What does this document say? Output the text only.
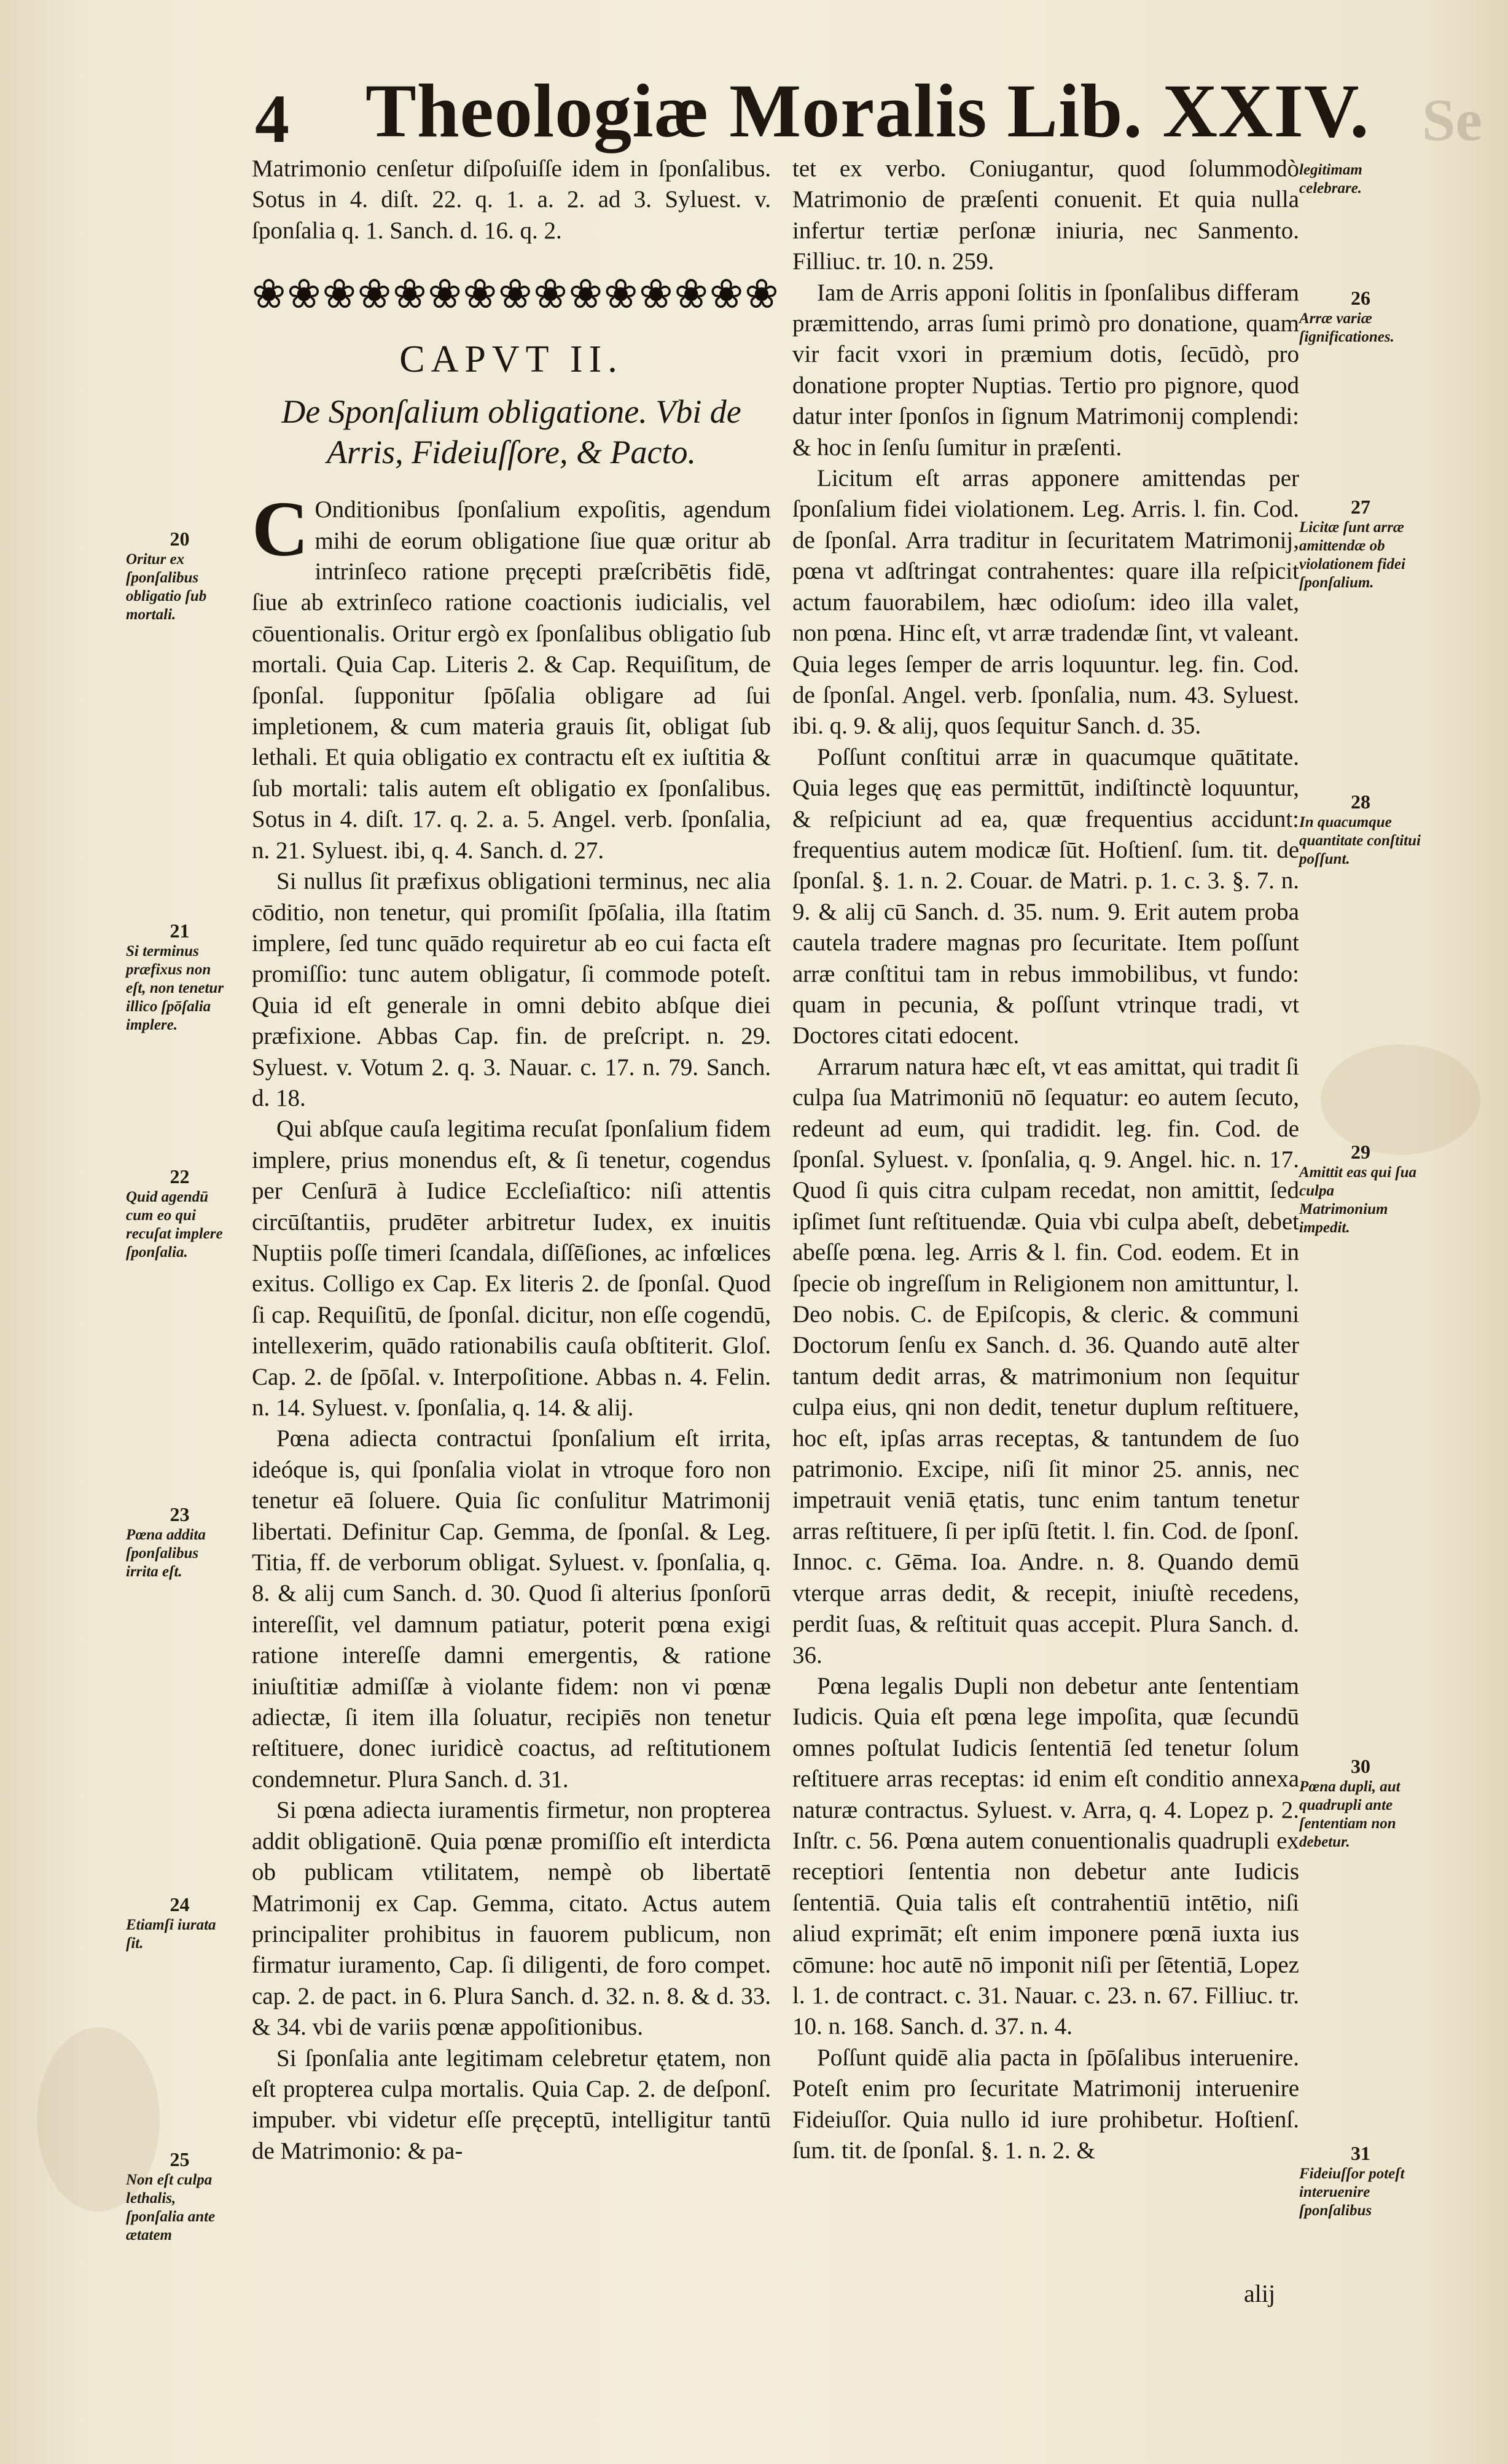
4 Theologiæ Moralis Lib. XXIV. Se

Matrimonio cenſetur diſpoſuiſſe idem in ſponſalibus. Sotus in 4. diſt. 22. q. 1. a. 2. ad 3. Syluest. v. ſponſalia q. 1. Sanch. d. 16. q. 2.

❀❀❀❀❀❀❀❀❀❀❀❀❀❀❀
CAPVT II.
De Sponſalium obligatione. Vbi de Arris, Fideiuſſore, & Pacto.

C Onditionibus ſponſalium expoſitis, agendum mihi de eorum obligatione ſiue quæ oritur ab intrinſeco ratione pręcepti præſcribētis fidē, ſiue ab extrinſeco ratione coactionis iudicialis, vel cōuentionalis. Oritur ergò ex ſponſalibus obligatio ſub mortali. Quia Cap. Literis 2. & Cap. Requiſitum, de ſponſal. ſupponitur ſpōſalia obligare ad ſui impletionem, & cum materia grauis ſit, obligat ſub lethali. Et quia obligatio ex contractu eſt ex iuſtitia & ſub mortali: talis autem eſt obligatio ex ſponſalibus. Sotus in 4. diſt. 17. q. 2. a. 5. Angel. verb. ſponſalia, n. 21. Syluest. ibi, q. 4. Sanch. d. 27.

Si nullus ſit præfixus obligationi terminus, nec alia cōditio, non tenetur, qui promiſit ſpōſalia, illa ſtatim implere, ſed tunc quādo requiretur ab eo cui facta eſt promiſſio: tunc autem obligatur, ſi commode poteſt. Quia id eſt generale in omni debito abſque diei præfixione. Abbas Cap. fin. de preſcript. n. 29. Syluest. v. Votum 2. q. 3. Nauar. c. 17. n. 79. Sanch. d. 18.

Qui abſque cauſa legitima recuſat ſponſalium fidem implere, prius monendus eſt, & ſi tenetur, cogendus per Cenſurā à Iudice Eccleſiaſtico: niſi attentis circūſtantiis, prudēter arbitretur Iudex, ex inuitis Nuptiis poſſe timeri ſcandala, diſſēſiones, ac infœlices exitus. Colligo ex Cap. Ex literis 2. de ſponſal. Quod ſi cap. Requiſitū, de ſponſal. dicitur, non eſſe cogendū, intellexerim, quādo rationabilis cauſa obſtiterit. Gloſ. Cap. 2. de ſpōſal. v. Interpoſitione. Abbas n. 4. Felin. n. 14. Syluest. v. ſponſalia, q. 14. & alij.

Pœna adiecta contractui ſponſalium eſt irrita, ideóque is, qui ſponſalia violat in vtroque foro non tenetur eā ſoluere. Quia ſic conſulitur Matrimonij libertati. Definitur Cap. Gemma, de ſponſal. & Leg. Titia, ff. de verborum obligat. Syluest. v. ſponſalia, q. 8. & alij cum Sanch. d. 30. Quod ſi alterius ſponſorū intereſſit, vel damnum patiatur, poterit pœna exigi ratione intereſſe damni emergentis, & ratione iniuſtitiæ admiſſæ à violante fidem: non vi pœnæ adiectæ, ſi item illa ſoluatur, recipiēs non tenetur reſtituere, donec iuridicè coactus, ad reſtitutionem condemnetur. Plura Sanch. d. 31.

Si pœna adiecta iuramentis firmetur, non propterea addit obligationē. Quia pœnæ promiſſio eſt interdicta ob publicam vtilitatem, nempè ob libertatē Matrimonij ex Cap. Gemma, citato. Actus autem principaliter prohibitus in fauorem publicum, non firmatur iuramento, Cap. ſi diligenti, de foro compet. cap. 2. de pact. in 6. Plura Sanch. d. 32. n. 8. & d. 33. & 34. vbi de variis pœnæ appoſitionibus.

Si ſponſalia ante legitimam celebretur ętatem, non eſt propterea culpa mortalis. Quia Cap. 2. de deſponſ. impuber. vbi videtur eſſe pręceptū, intelligitur tantū de Matrimonio: & pa-

tet ex verbo. Coniugantur, quod ſolummodò Matrimonio de præſenti conuenit. Et quia nulla infertur tertiæ perſonæ iniuria, nec Sanmento. Filliuc. tr. 10. n. 259.

Iam de Arris apponi ſolitis in ſponſalibus differam præmittendo, arras ſumi primò pro donatione, quam vir facit vxori in præmium dotis, ſecūdò, pro donatione propter Nuptias. Tertio pro pignore, quod datur inter ſponſos in ſignum Matrimonij complendi: & hoc in ſenſu ſumitur in præſenti.

Licitum eſt arras apponere amittendas per ſponſalium fidei violationem. Leg. Arris. l. fin. Cod. de ſponſal. Arra traditur in ſecuritatem Matrimonij, pœna vt adſtringat contrahentes: quare illa reſpicit actum fauorabilem, hæc odioſum: ideo illa valet, non pœna. Hinc eſt, vt arræ tradendæ ſint, vt valeant. Quia leges ſemper de arris loquuntur. leg. fin. Cod. de ſponſal. Angel. verb. ſponſalia, num. 43. Syluest. ibi. q. 9. & alij, quos ſequitur Sanch. d. 35.

Poſſunt conſtitui arræ in quacumque quātitate. Quia leges quę eas permittūt, indiſtinctè loquuntur, & reſpiciunt ad ea, quæ frequentius accidunt: frequentius autem modicæ ſūt. Hoſtienſ. ſum. tit. de ſponſal. §. 1. n. 2. Couar. de Matri. p. 1. c. 3. §. 7. n. 9. & alij cū Sanch. d. 35. num. 9. Erit autem proba cautela tradere magnas pro ſecuritate. Item poſſunt arræ conſtitui tam in rebus immobilibus, vt fundo: quam in pecunia, & poſſunt vtrinque tradi, vt Doctores citati edocent.

Arrarum natura hæc eſt, vt eas amittat, qui tradit ſi culpa ſua Matrimoniū nō ſequatur: eo autem ſecuto, redeunt ad eum, qui tradidit. leg. fin. Cod. de ſponſal. Syluest. v. ſponſalia, q. 9. Angel. hic. n. 17. Quod ſi quis citra culpam recedat, non amittit, ſed ipſimet ſunt reſtituendæ. Quia vbi culpa abeſt, debet abeſſe pœna. leg. Arris & l. fin. Cod. eodem. Et in ſpecie ob ingreſſum in Religionem non amittuntur, l. Deo nobis. C. de Epiſcopis, & cleric. & communi Doctorum ſenſu ex Sanch. d. 36. Quando autē alter tantum dedit arras, & matrimonium non ſequitur culpa eius, qni non dedit, tenetur duplum reſtituere, hoc eſt, ipſas arras receptas, & tantundem de ſuo patrimonio. Excipe, niſi ſit minor 25. annis, nec impetrauit veniā ętatis, tunc enim tantum tenetur arras reſtituere, ſi per ipſū ſtetit. l. fin. Cod. de ſponſ. Innoc. c. Gēma. Ioa. Andre. n. 8. Quando demū vterque arras dedit, & recepit, iniuſtè recedens, perdit ſuas, & reſtituit quas accepit. Plura Sanch. d. 36.

Pœna legalis Dupli non debetur ante ſententiam Iudicis. Quia eſt pœna lege impoſita, quæ ſecundū omnes poſtulat Iudicis ſententiā ſed tenetur ſolum reſtituere arras receptas: id enim eſt conditio annexa naturæ contractus. Syluest. v. Arra, q. 4. Lopez p. 2. Inſtr. c. 56. Pœna autem conuentionalis quadrupli ex receptiori ſententia non debetur ante Iudicis ſententiā. Quia talis eſt contrahentiū intētio, niſi aliud exprimāt; eſt enim imponere pœnā iuxta ius cōmune: hoc autē nō imponit niſi per ſētentiā, Lopez l. 1. de contract. c. 31. Nauar. c. 23. n. 67. Filliuc. tr. 10. n. 168. Sanch. d. 37. n. 4.

Poſſunt quidē alia pacta in ſpōſalibus interuenire. Poteſt enim pro ſecuritate Matrimonij interuenire Fideiuſſor. Quia nullo id iure prohibetur. Hoſtienſ. ſum. tit. de ſponſal. §. 1. n. 2. &

20
Oritur ex ſponſalibus obligatio ſub mortali.
21
Si terminus præfixus non eſt, non tenetur illico ſpōſalia implere.
22
Quid agendū cum eo qui recuſat implere ſponſalia.
23
Pœna addita ſponſalibus irrita eſt.
24
Etiamſi iurata ſit.
25
Non eſt culpa lethalis, ſponſalia ante ætatem
legitimam celebrare.
26
Arræ variæ ſignificationes.
27
Licitæ ſunt arræ amittendæ ob violationem fidei ſponſalium.
28
In quacumque quantitate conſtitui poſſunt.
29
Amittit eas qui ſua culpa Matrimonium impedit.
30
Pœna dupli, aut quadrupli ante ſententiam non debetur.
31
Fideiuſſor poteſt interuenire ſponſalibus
alij
